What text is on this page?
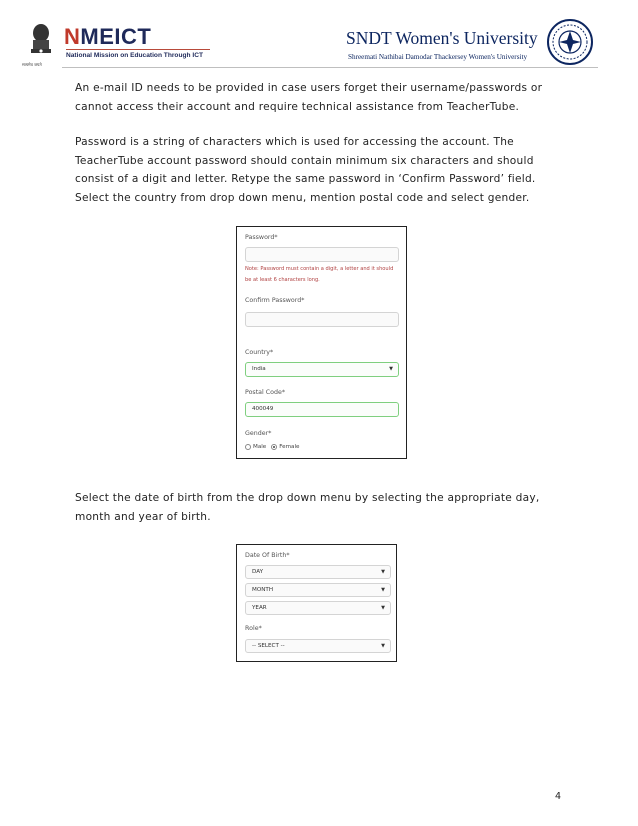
सत्यमेव जयते
NMEICT
National Mission on Education Through ICT
SNDT Women's University
Shreemati Nathibai Damodar Thackersey Women's University
An e-mail ID needs to be provided in case users forget their username/passwords or
cannot access their account and require technical assistance from TeacherTube.
Password is a string of characters which is used for accessing the account. The
TeacherTube account password should contain minimum six characters and should
consist of a digit and letter. Retype the same password in ‘Confirm Password’ field.
Select the country from drop down menu, mention postal code and select gender.
Password*
Note: Password must contain a digit, a letter and it should be at least 6 characters long.
Confirm Password*
Country*
India	▼
Postal Code*
400049
Gender*
Male Female
Select the date of birth from the drop down menu by selecting the appropriate day,
month and year of birth.
Date Of Birth*
DAY	▼
MONTH	▼
YEAR	▼
Role*
-- SELECT --	▼
4
